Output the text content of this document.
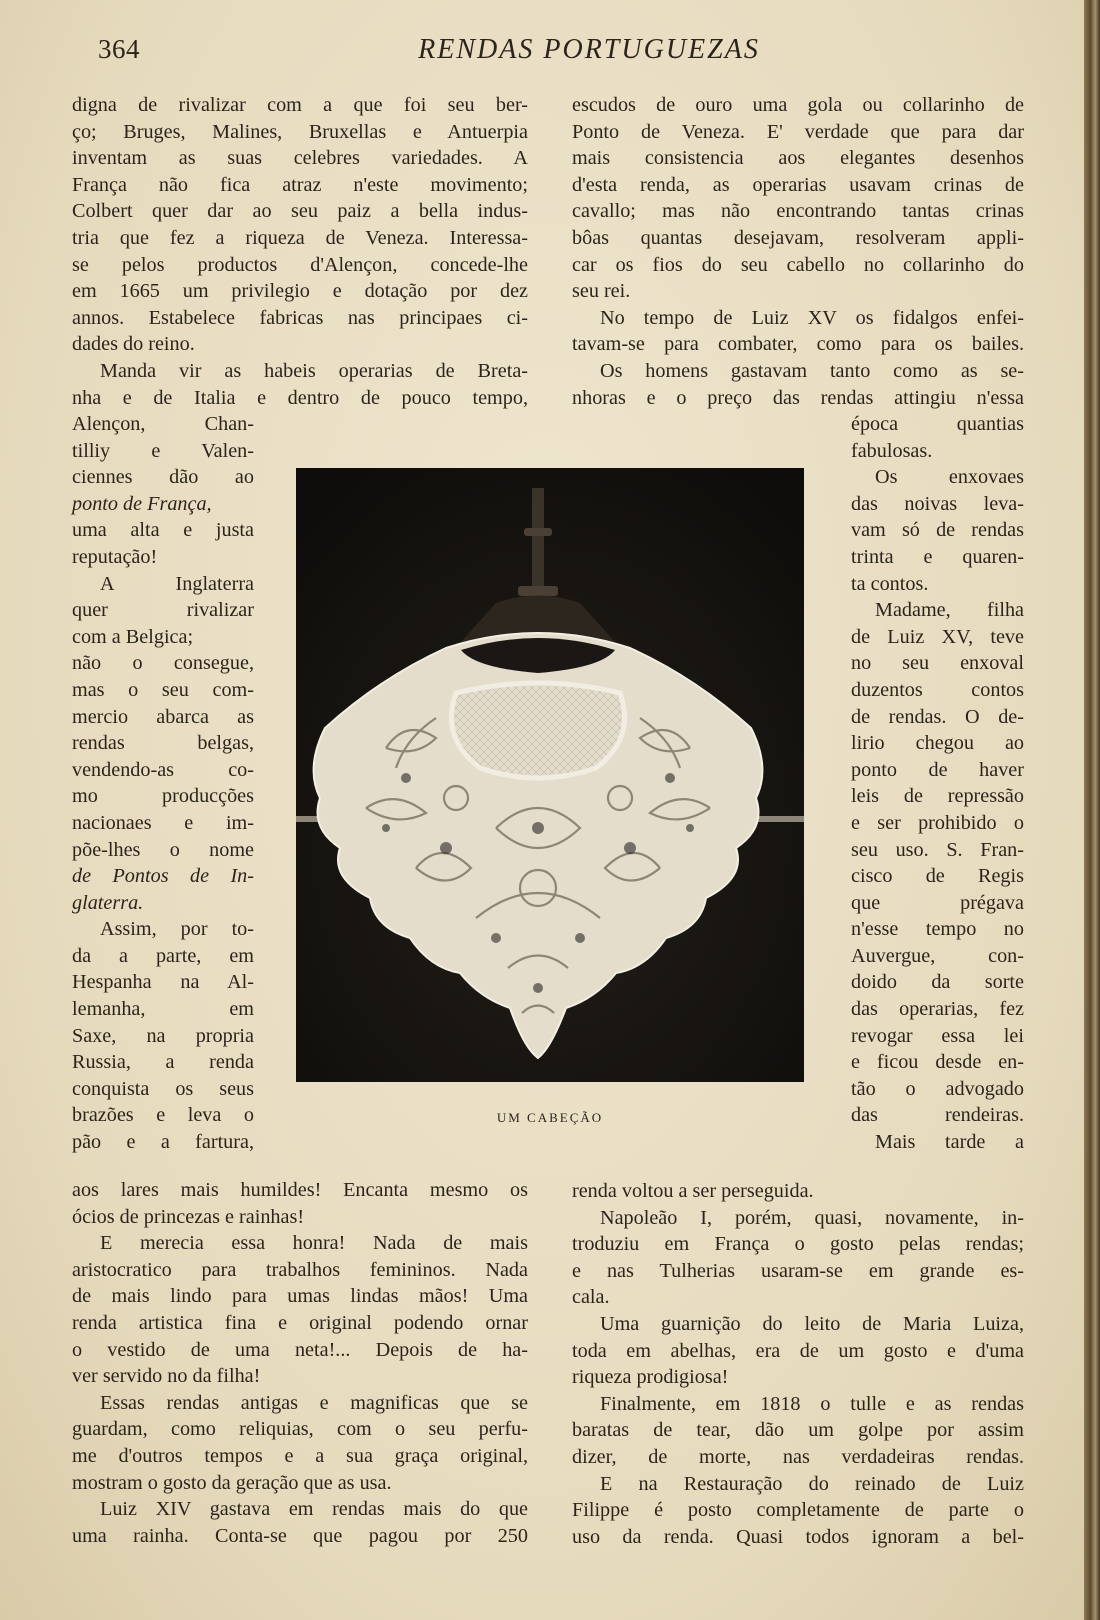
364	RENDAS PORTUGUEZAS
digna de rivalizar com a que foi seu ber-
ço; Bruges, Malines, Bruxellas e Antuerpia
inventam as suas celebres variedades. A
França não fica atraz n'este movimento;
Colbert quer dar ao seu paiz a bella indus-
tria que fez a riqueza de Veneza. Interessa-
se pelos productos d'Alençon, concede-lhe
em 1665 um privilegio e dotação por dez
annos. Estabelece fabricas nas principaes ci-
dades do reino.
Manda vir as habeis operarias de Breta-
nha e de Italia e dentro de pouco tempo,
Alençon, Chan-
tilliy e Valen-
ciennes dão ao
ponto de França,
uma alta e justa
reputação!
A Inglaterra
quer rivalizar
com a Belgica;
não o consegue,
mas o seu com-
mercio abarca as
rendas belgas,
vendendo-as co-
mo producções
nacionaes e im-
põe-lhes o nome
de Pontos de In-
glaterra.
Assim, por to-
da a parte, em
Hespanha na Al-
lemanha, em
Saxe, na propria
Russia, a renda
conquista os seus
brazões e leva o
pão e a fartura,
aos lares mais humildes! Encanta mesmo os
ócios de princezas e rainhas!
E merecia essa honra! Nada de mais
aristocratico para trabalhos femininos. Nada
de mais lindo para umas lindas mãos! Uma
renda artistica fina e original podendo ornar
o vestido de uma neta!... Depois de ha-
ver servido no da filha!
Essas rendas antigas e magnificas que se
guardam, como reliquias, com o seu perfu-
me d'outros tempos e a sua graça original,
mostram o gosto da geração que as usa.
Luiz XIV gastava em rendas mais do que
uma rainha. Conta-se que pagou por 250
escudos de ouro uma gola ou collarinho de
Ponto de Veneza. E' verdade que para dar
mais consistencia aos elegantes desenhos
d'esta renda, as operarias usavam crinas de
cavallo; mas não encontrando tantas crinas
bôas quantas desejavam, resolveram appli-
car os fios do seu cabello no collarinho do
seu rei.
No tempo de Luiz XV os fidalgos enfei-
tavam-se para combater, como para os bailes.
Os homens gastavam tanto como as se-
nhoras e o preço das rendas attingiu n'essa
época quantias
fabulosas.
Os enxovaes
das noivas leva-
vam só de rendas
trinta e quaren-
ta contos.
Madame, filha
de Luiz XV, teve
no seu enxoval
duzentos contos
de rendas. O de-
lirio chegou ao
ponto de haver
leis de repressão
e ser prohibido o
seu uso. S. Fran-
cisco de Regis
que prégava
n'esse tempo no
Auvergue, con-
doido da sorte
das operarias, fez
revogar essa lei
e ficou desde en-
tão o advogado
das rendeiras.
Mais tarde a
renda voltou a ser perseguida.
Napoleão I, porém, quasi, novamente, in-
troduziu em França o gosto pelas rendas;
e nas Tulherias usaram-se em grande es-
cala.
Uma guarnição do leito de Maria Luiza,
toda em abelhas, era de um gosto e d'uma
riqueza prodigiosa!
Finalmente, em 1818 o tulle e as rendas
baratas de tear, dão um golpe por assim
dizer, de morte, nas verdadeiras rendas.
E na Restauração do reinado de Luiz
Filippe é posto completamente de parte o
uso da renda. Quasi todos ignoram a bel-
UM CABEÇÃO
